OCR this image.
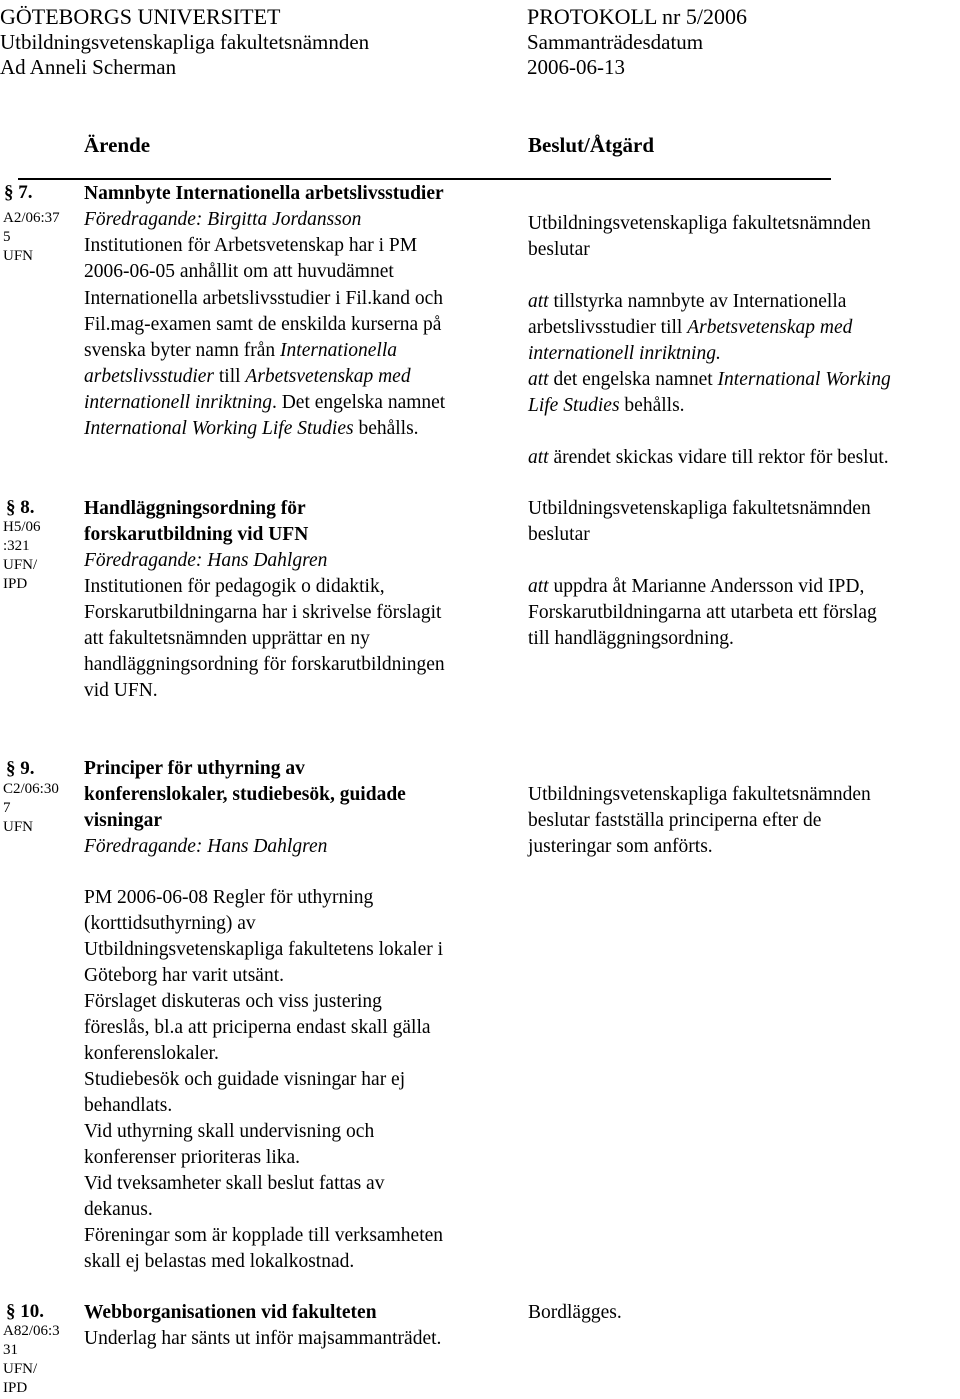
GÖTEBORGS UNIVERSITET
Utbildningsvetenskapliga fakultetsnämnden
Ad Anneli Scherman
PROTOKOLL nr 5/2006
Sammanträdesdatum
2006-06-13
Ärende	Beslut/Åtgärd
§ 7.
A2/06:37
5
UFN
Namnbyte Internationella arbetslivsstudier
Föredragande: Birgitta Jordansson
Institutionen för Arbetsvetenskap har i PM
2006-06-05 anhållit om att huvudämnet
Internationella arbetslivsstudier i Fil.kand och
Fil.mag-examen samt de enskilda kurserna på
svenska byter namn från Internationella
arbetslivsstudier till Arbetsvetenskap med
internationell inriktning. Det engelska namnet
International Working Life Studies behålls.
Utbildningsvetenskapliga fakultetsnämnden
beslutar
att tillstyrka namnbyte av Internationella
arbetslivsstudier till Arbetsvetenskap med
internationell inriktning.
att det engelska namnet International Working
Life Studies behålls.
att ärendet skickas vidare till rektor för beslut.
§ 8.
H5/06
:321
UFN/
IPD
Handläggningsordning för
forskarutbildning vid UFN
Föredragande: Hans Dahlgren
Institutionen för pedagogik o didaktik,
Forskarutbildningarna har i skrivelse förslagit
att fakultetsnämnden upprättar en ny
handläggningsordning för forskarutbildningen
vid UFN.
Utbildningsvetenskapliga fakultetsnämnden
beslutar
att uppdra åt Marianne Andersson vid IPD,
Forskarutbildningarna att utarbeta ett förslag
till handläggningsordning.
§ 9.
C2/06:30
7
UFN
Principer för uthyrning av
konferenslokaler, studiebesök, guidade
visningar
Föredragande: Hans Dahlgren
PM 2006-06-08 Regler för uthyrning
(korttidsuthyrning) av
Utbildningsvetenskapliga fakultetens lokaler i
Göteborg har varit utsänt.
Förslaget diskuteras och viss justering
föreslås, bl.a att priciperna endast skall gälla
konferenslokaler.
Studiebesök och guidade visningar har ej
behandlats.
Vid uthyrning skall undervisning och
konferenser prioriteras lika.
Vid tveksamheter skall beslut fattas av
dekanus.
Föreningar som är kopplade till verksamheten
skall ej belastas med lokalkostnad.
Utbildningsvetenskapliga fakultetsnämnden
beslutar fastställa principerna efter de
justeringar som anförts.
§ 10.
A82/06:3
31
UFN/
IPD
Webborganisationen vid fakulteten
Underlag har sänts ut inför majsammanträdet.
Bordlägges.
